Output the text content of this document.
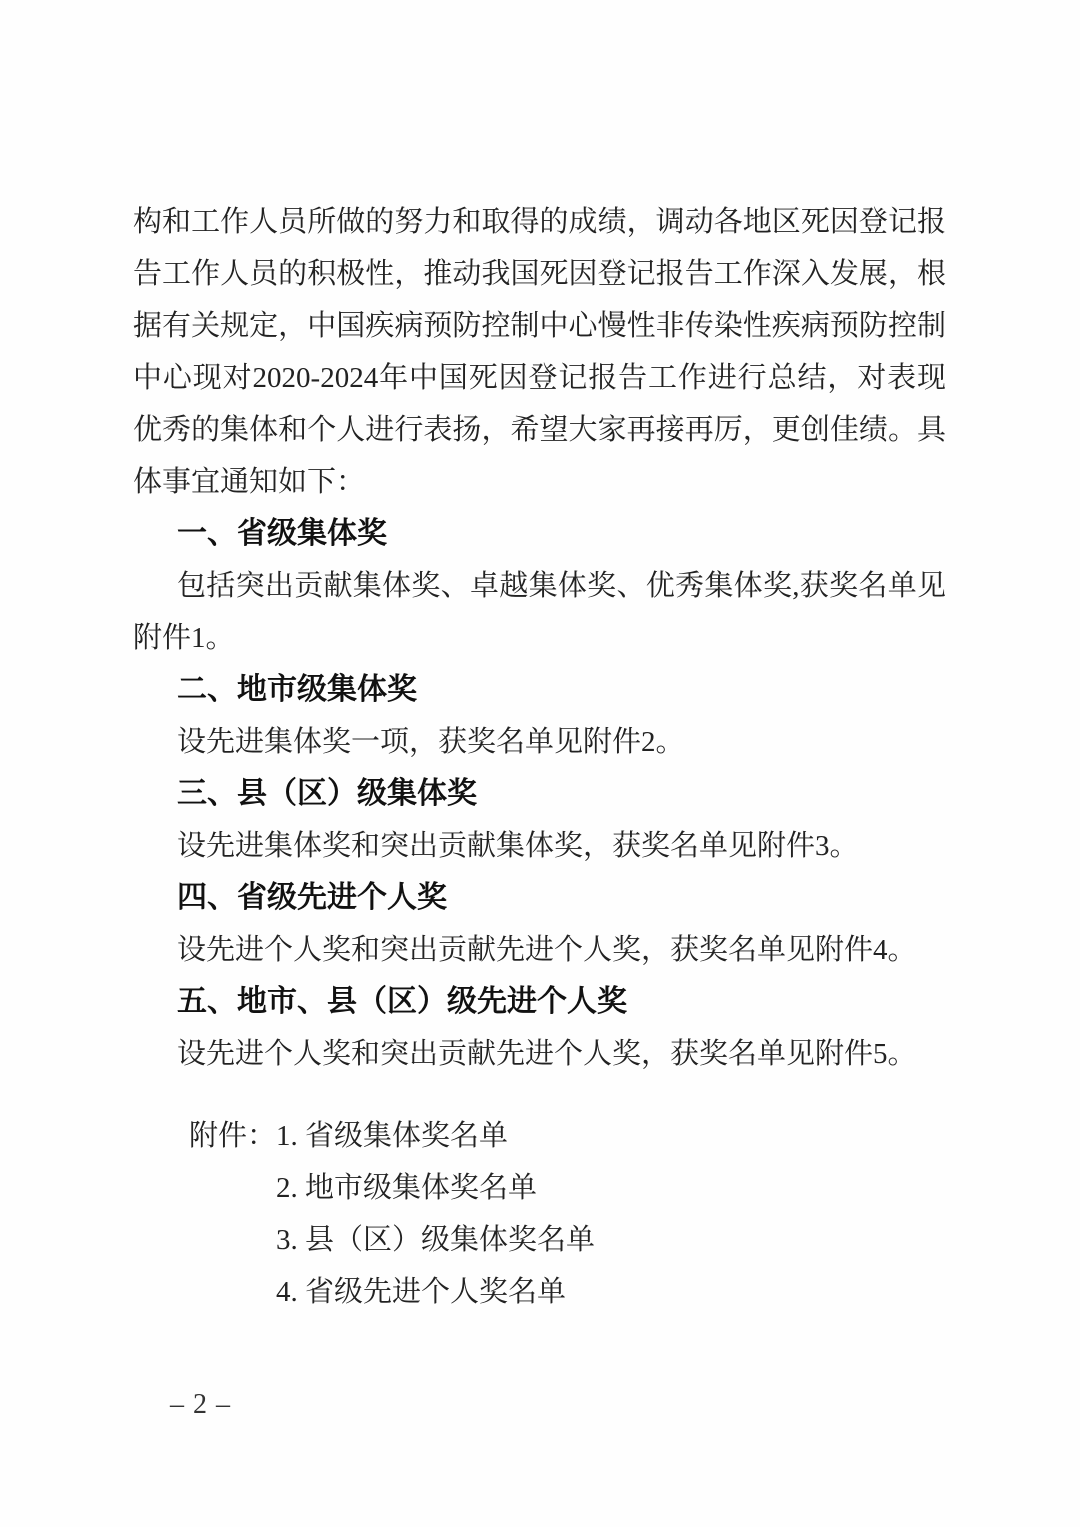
构和工作人员所做的努力和取得的成绩，调动各地区死因登记报告工作人员的积极性，推动我国死因登记报告工作深入发展，根据有关规定，中国疾病预防控制中心慢性非传染性疾病预防控制中心现对2020-2024年中国死因登记报告工作进行总结，对表现优秀的集体和个人进行表扬，希望大家再接再厉，更创佳绩。具体事宜通知如下：

一、省级集体奖

包括突出贡献集体奖、卓越集体奖、优秀集体奖,获奖名单见附件1。

二、地市级集体奖

设先进集体奖一项，获奖名单见附件2。

三、县（区）级集体奖

设先进集体奖和突出贡献集体奖，获奖名单见附件3。

四、省级先进个人奖

设先进个人奖和突出贡献先进个人奖，获奖名单见附件4。

五、地市、县（区）级先进个人奖

设先进个人奖和突出贡献先进个人奖，获奖名单见附件5。

附件： 1. 省级集体奖名单

2. 地市级集体奖名单

3. 县（区）级集体奖名单

4. 省级先进个人奖名单

– 2 –
